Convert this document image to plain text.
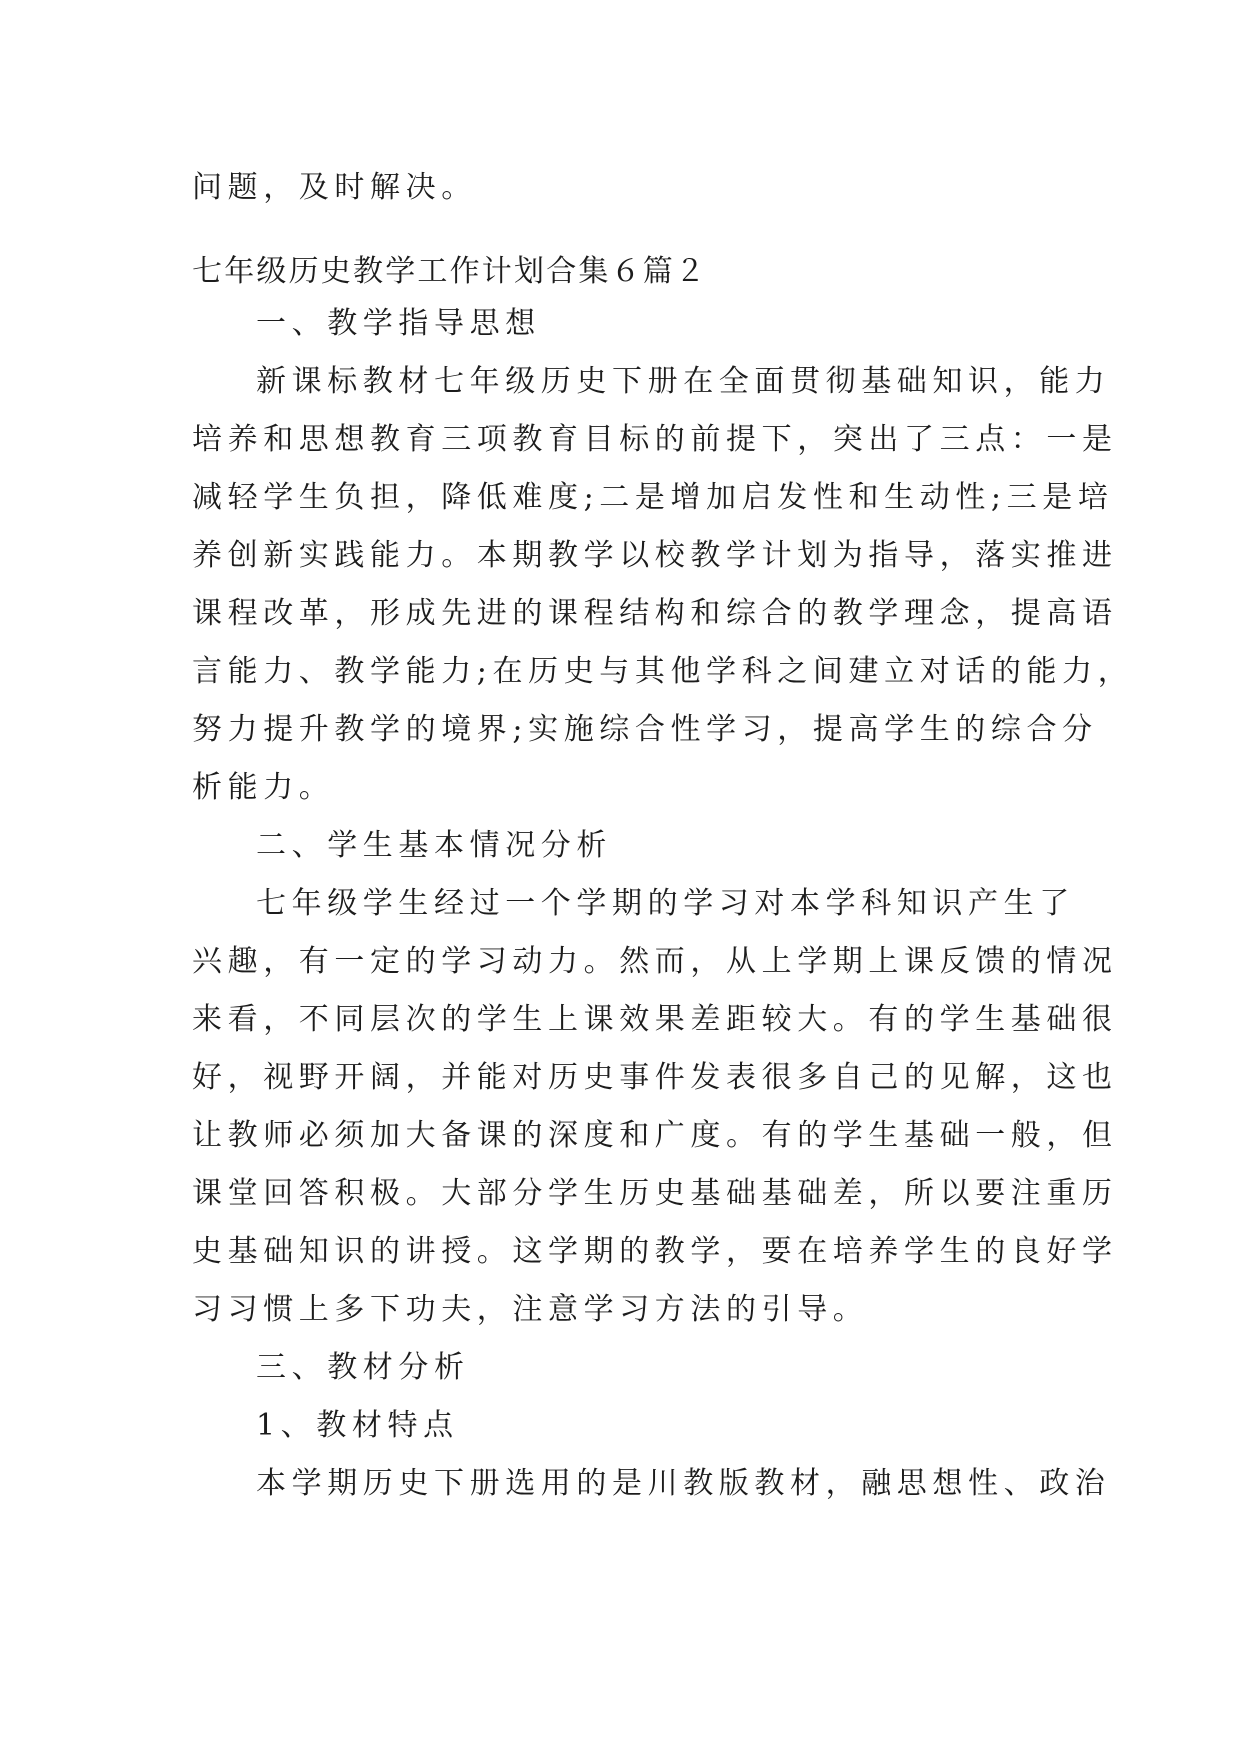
问题，及时解决。
七年级历史教学工作计划合集６篇２
一、教学指导思想
新课标教材七年级历史下册在全面贯彻基础知识，能力
培养和思想教育三项教育目标的前提下，突出了三点：一是
减轻学生负担，降低难度;二是增加启发性和生动性;三是培
养创新实践能力。本期教学以校教学计划为指导，落实推进
课程改革，形成先进的课程结构和综合的教学理念，提高语
言能力、教学能力;在历史与其他学科之间建立对话的能力，
努力提升教学的境界;实施综合性学习，提高学生的综合分
析能力。
二、学生基本情况分析
七年级学生经过一个学期的学习对本学科知识产生了
兴趣，有一定的学习动力。然而，从上学期上课反馈的情况
来看，不同层次的学生上课效果差距较大。有的学生基础很
好，视野开阔，并能对历史事件发表很多自己的见解，这也
让教师必须加大备课的深度和广度。有的学生基础一般，但
课堂回答积极。大部分学生历史基础基础差，所以要注重历
史基础知识的讲授。这学期的教学，要在培养学生的良好学
习习惯上多下功夫，注意学习方法的引导。
三、教材分析
1、教材特点
本学期历史下册选用的是川教版教材，融思想性、政治
